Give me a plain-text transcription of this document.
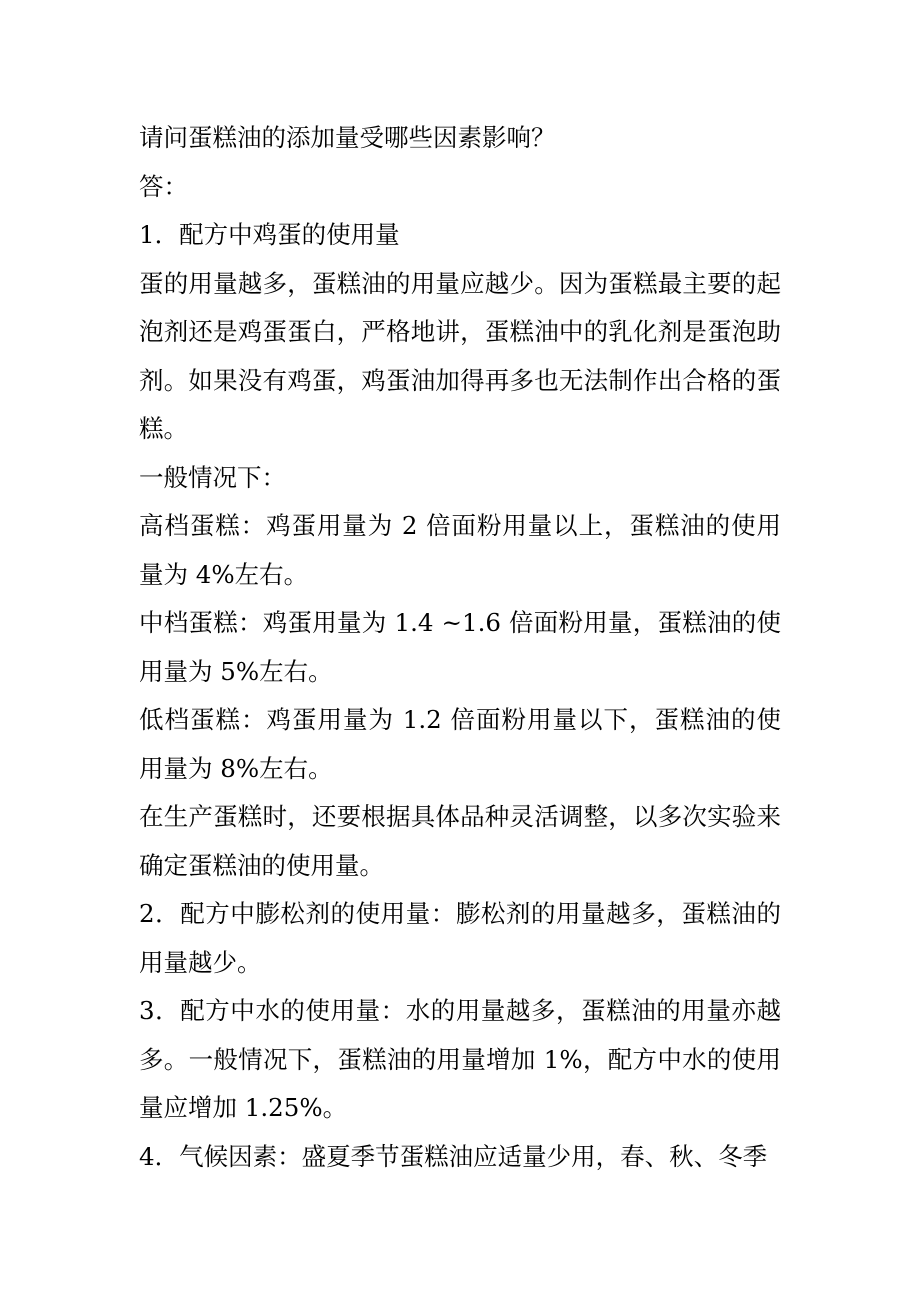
请问蛋糕油的添加量受哪些因素影响？

答：

1．配方中鸡蛋的使用量

蛋的用量越多，蛋糕油的用量应越少。因为蛋糕最主要的起泡剂还是鸡蛋蛋白，严格地讲，蛋糕油中的乳化剂是蛋泡助剂。如果没有鸡蛋，鸡蛋油加得再多也无法制作出合格的蛋糕。

一般情况下：

高档蛋糕：鸡蛋用量为 2 倍面粉用量以上，蛋糕油的使用量为 4%左右。

中档蛋糕：鸡蛋用量为 1.4 ~1.6 倍面粉用量，蛋糕油的使用量为 5%左右。

低档蛋糕：鸡蛋用量为 1.2 倍面粉用量以下，蛋糕油的使用量为 8%左右。

在生产蛋糕时，还要根据具体品种灵活调整，以多次实验来确定蛋糕油的使用量。

2．配方中膨松剂的使用量：膨松剂的用量越多，蛋糕油的用量越少。

3．配方中水的使用量：水的用量越多，蛋糕油的用量亦越多。一般情况下，蛋糕油的用量增加 1%，配方中水的使用量应增加 1.25%。

4．气候因素：盛夏季节蛋糕油应适量少用，春、秋、冬季
